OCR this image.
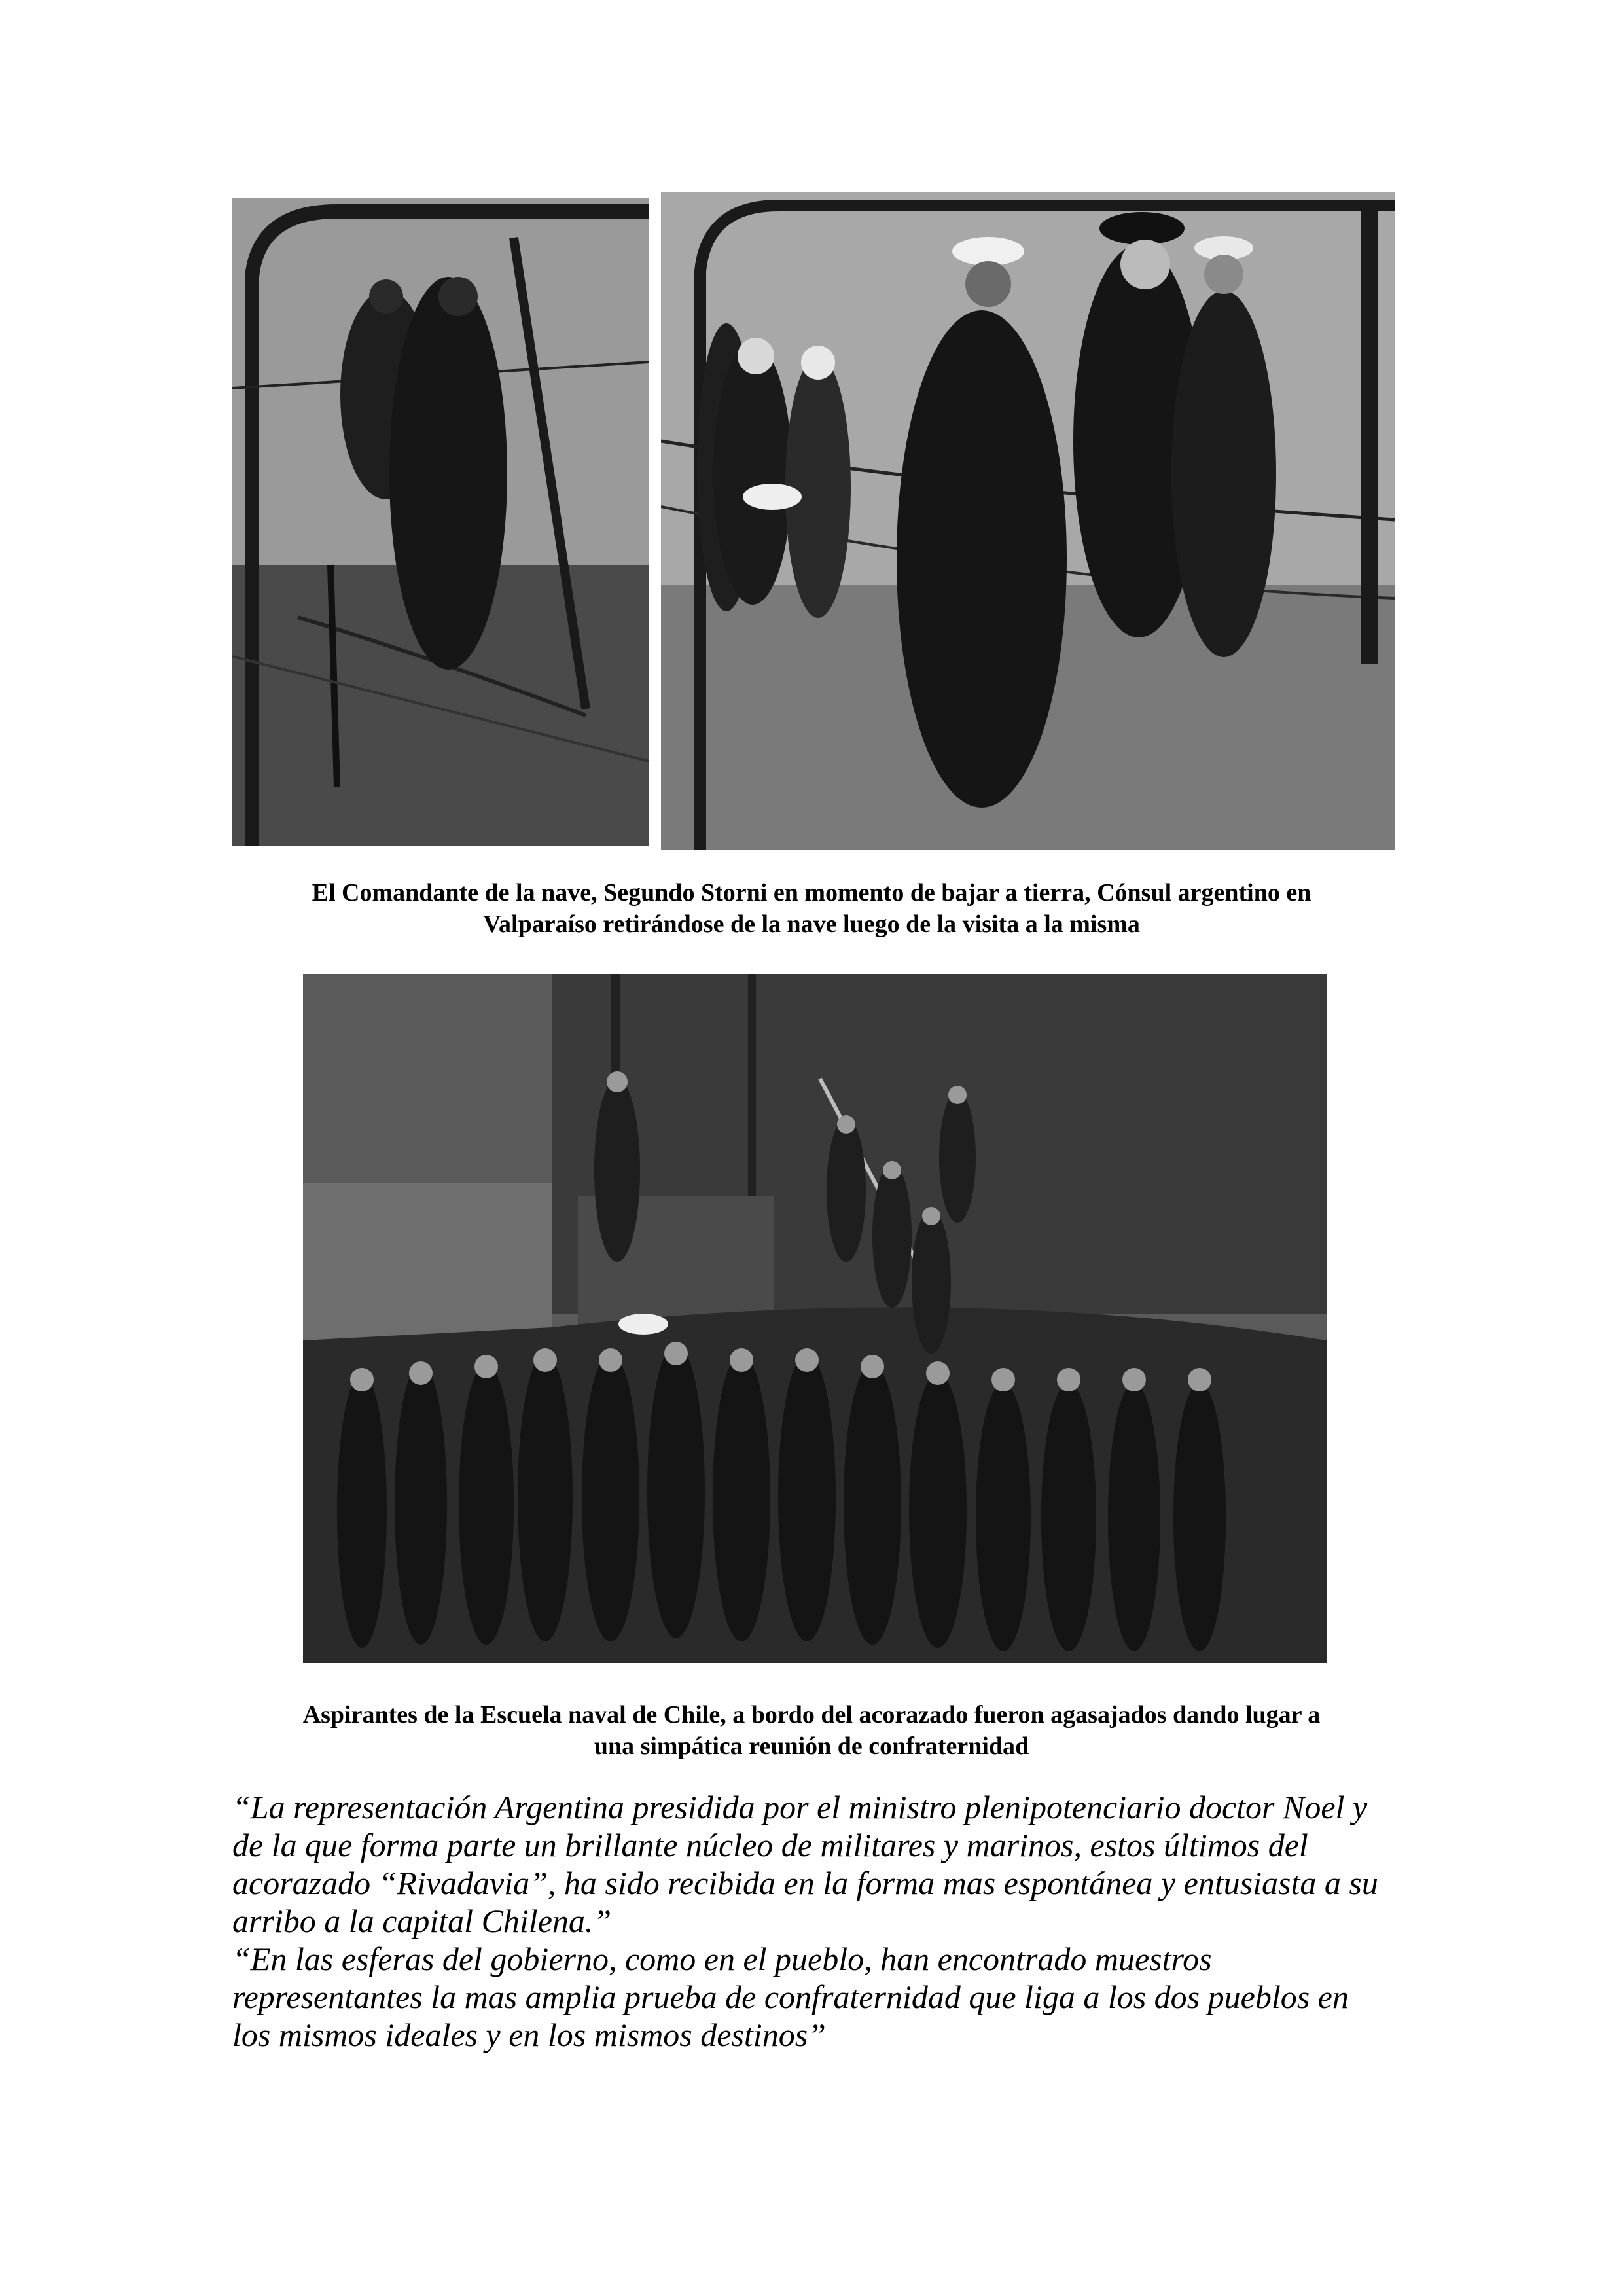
El Comandante de la nave, Segundo Storni en momento de bajar a tierra, Cónsul argentino en
Valparaíso retirándose de la nave luego de la visita a la misma
Aspirantes de la Escuela naval de Chile, a bordo del acorazado fueron agasajados dando lugar a
una simpática reunión de confraternidad
“La representación Argentina presidida por el ministro plenipotenciario doctor Noel y
de la que forma parte un brillante núcleo de militares y marinos, estos últimos del
acorazado “Rivadavia”, ha sido recibida en la forma mas espontánea y entusiasta a su
arribo a la capital Chilena.”
“En las esferas del gobierno, como en el pueblo, han encontrado muestros
representantes la mas amplia prueba de confraternidad que liga a los dos pueblos en
los mismos ideales y en los mismos destinos”
